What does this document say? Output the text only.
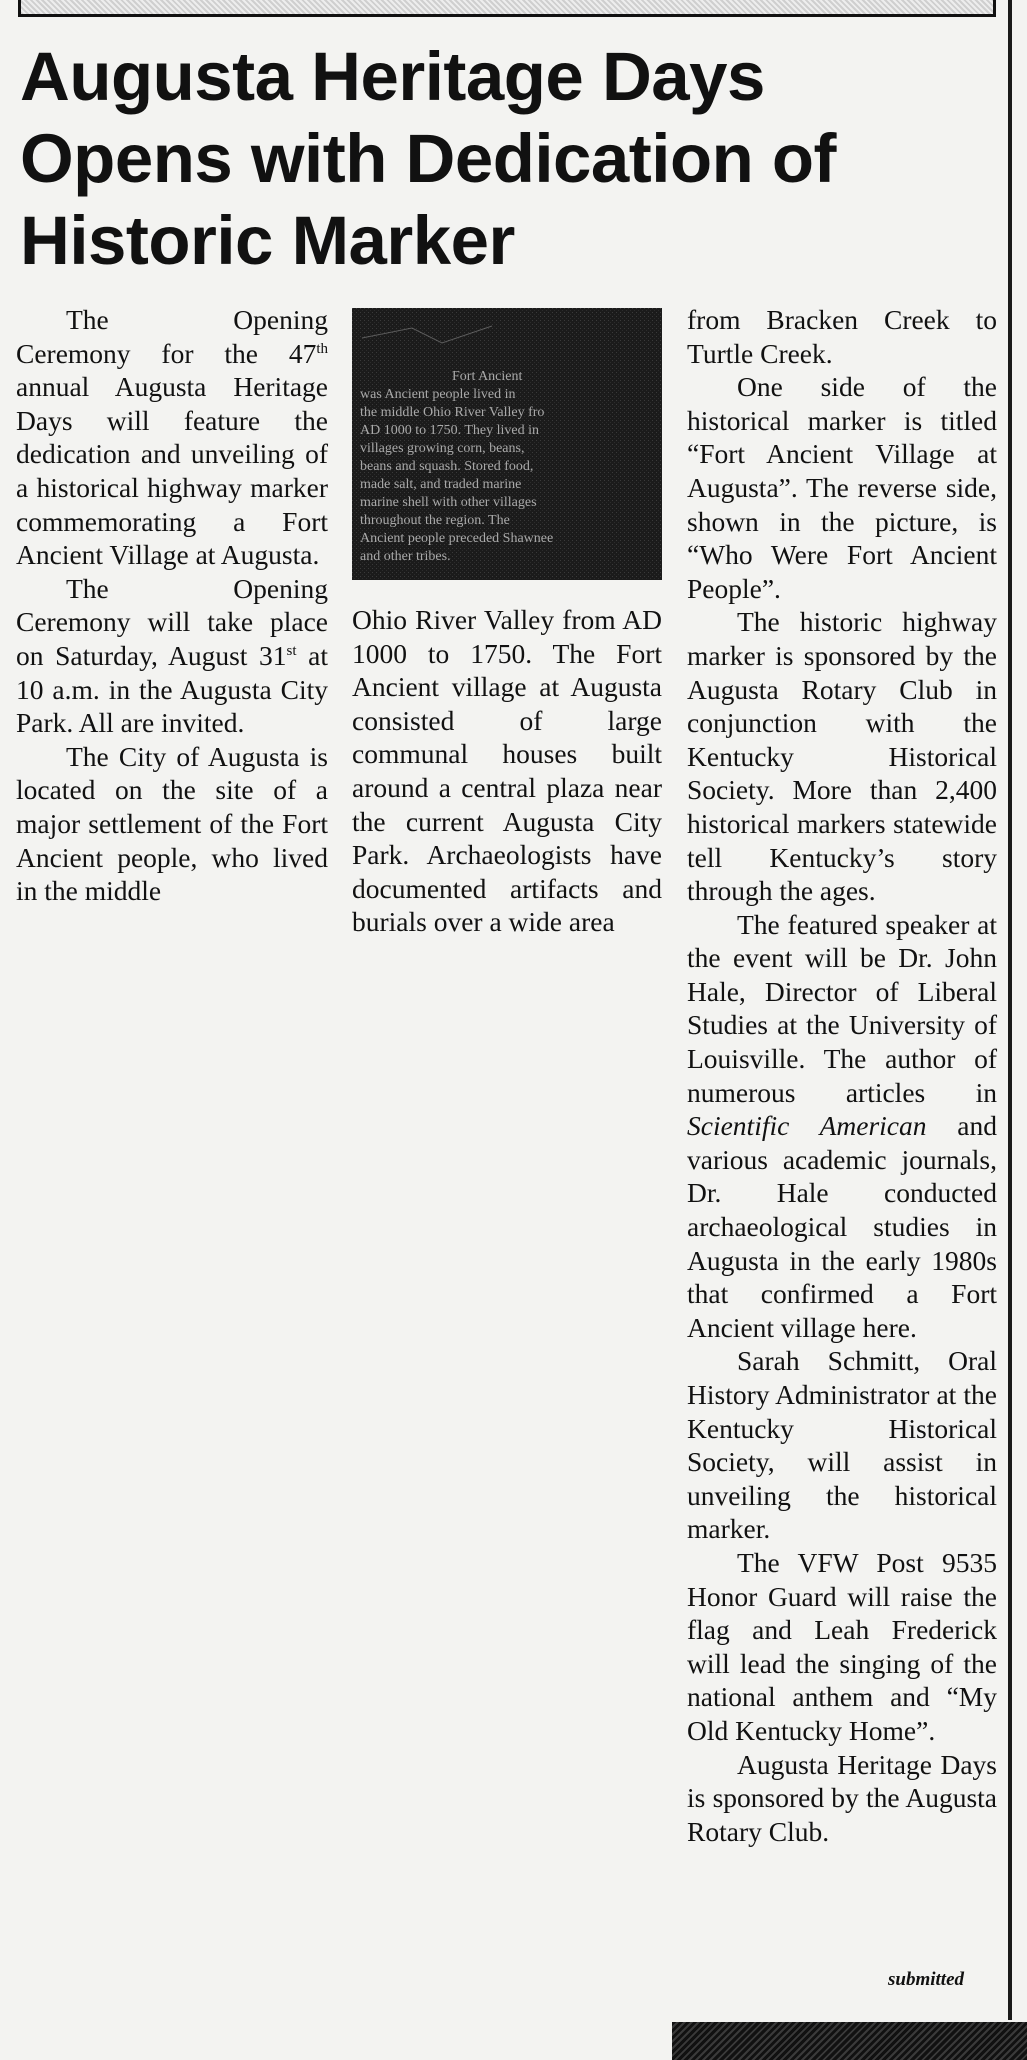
Augusta Heritage Days Opens with Dedication of Historic Marker

The Opening Ceremony for the 47th annual Augusta Heritage Days will feature the dedication and unveiling of a historical highway marker commemorating a Fort Ancient Village at Augusta.

The Opening Ceremony will take place on Saturday, August 31st at 10 a.m. in the Augusta City Park. All are invited.

The City of Augusta is located on the site of a major settlement of the Fort Ancient people, who lived in the middle

Fort Ancient
was Ancient people lived in
the middle Ohio River Valley fro
AD 1000 to 1750. They lived in
villages growing corn, beans,
beans and squash. Stored food,
made salt, and traded marine
marine shell with other villages
throughout the region. The
Ancient people preceded Shawnee
and other tribes.

Ohio River Valley from AD 1000 to 1750. The Fort Ancient village at Augusta consisted of large communal houses built around a central plaza near the current Augusta City Park. Archaeologists have documented artifacts and burials over a wide area

from Bracken Creek to Turtle Creek.

One side of the historical marker is titled “Fort Ancient Village at Augusta”. The reverse side, shown in the picture, is “Who Were Fort Ancient People”.

The historic highway marker is sponsored by the Augusta Rotary Club in conjunction with the Kentucky Historical Society. More than 2,400 historical markers statewide tell Kentucky’s story through the ages.

The featured speaker at the event will be Dr. John Hale, Director of Liberal Studies at the University of Louisville. The author of numerous articles in Scientific American and various academic journals, Dr. Hale conducted archaeological studies in Augusta in the early 1980s that confirmed a Fort Ancient village here.

Sarah Schmitt, Oral History Administrator at the Kentucky Historical Society, will assist in unveiling the historical marker.

The VFW Post 9535 Honor Guard will raise the flag and Leah Frederick will lead the singing of the national anthem and “My Old Kentucky Home”.

Augusta Heritage Days is sponsored by the Augusta Rotary Club.

submitted
